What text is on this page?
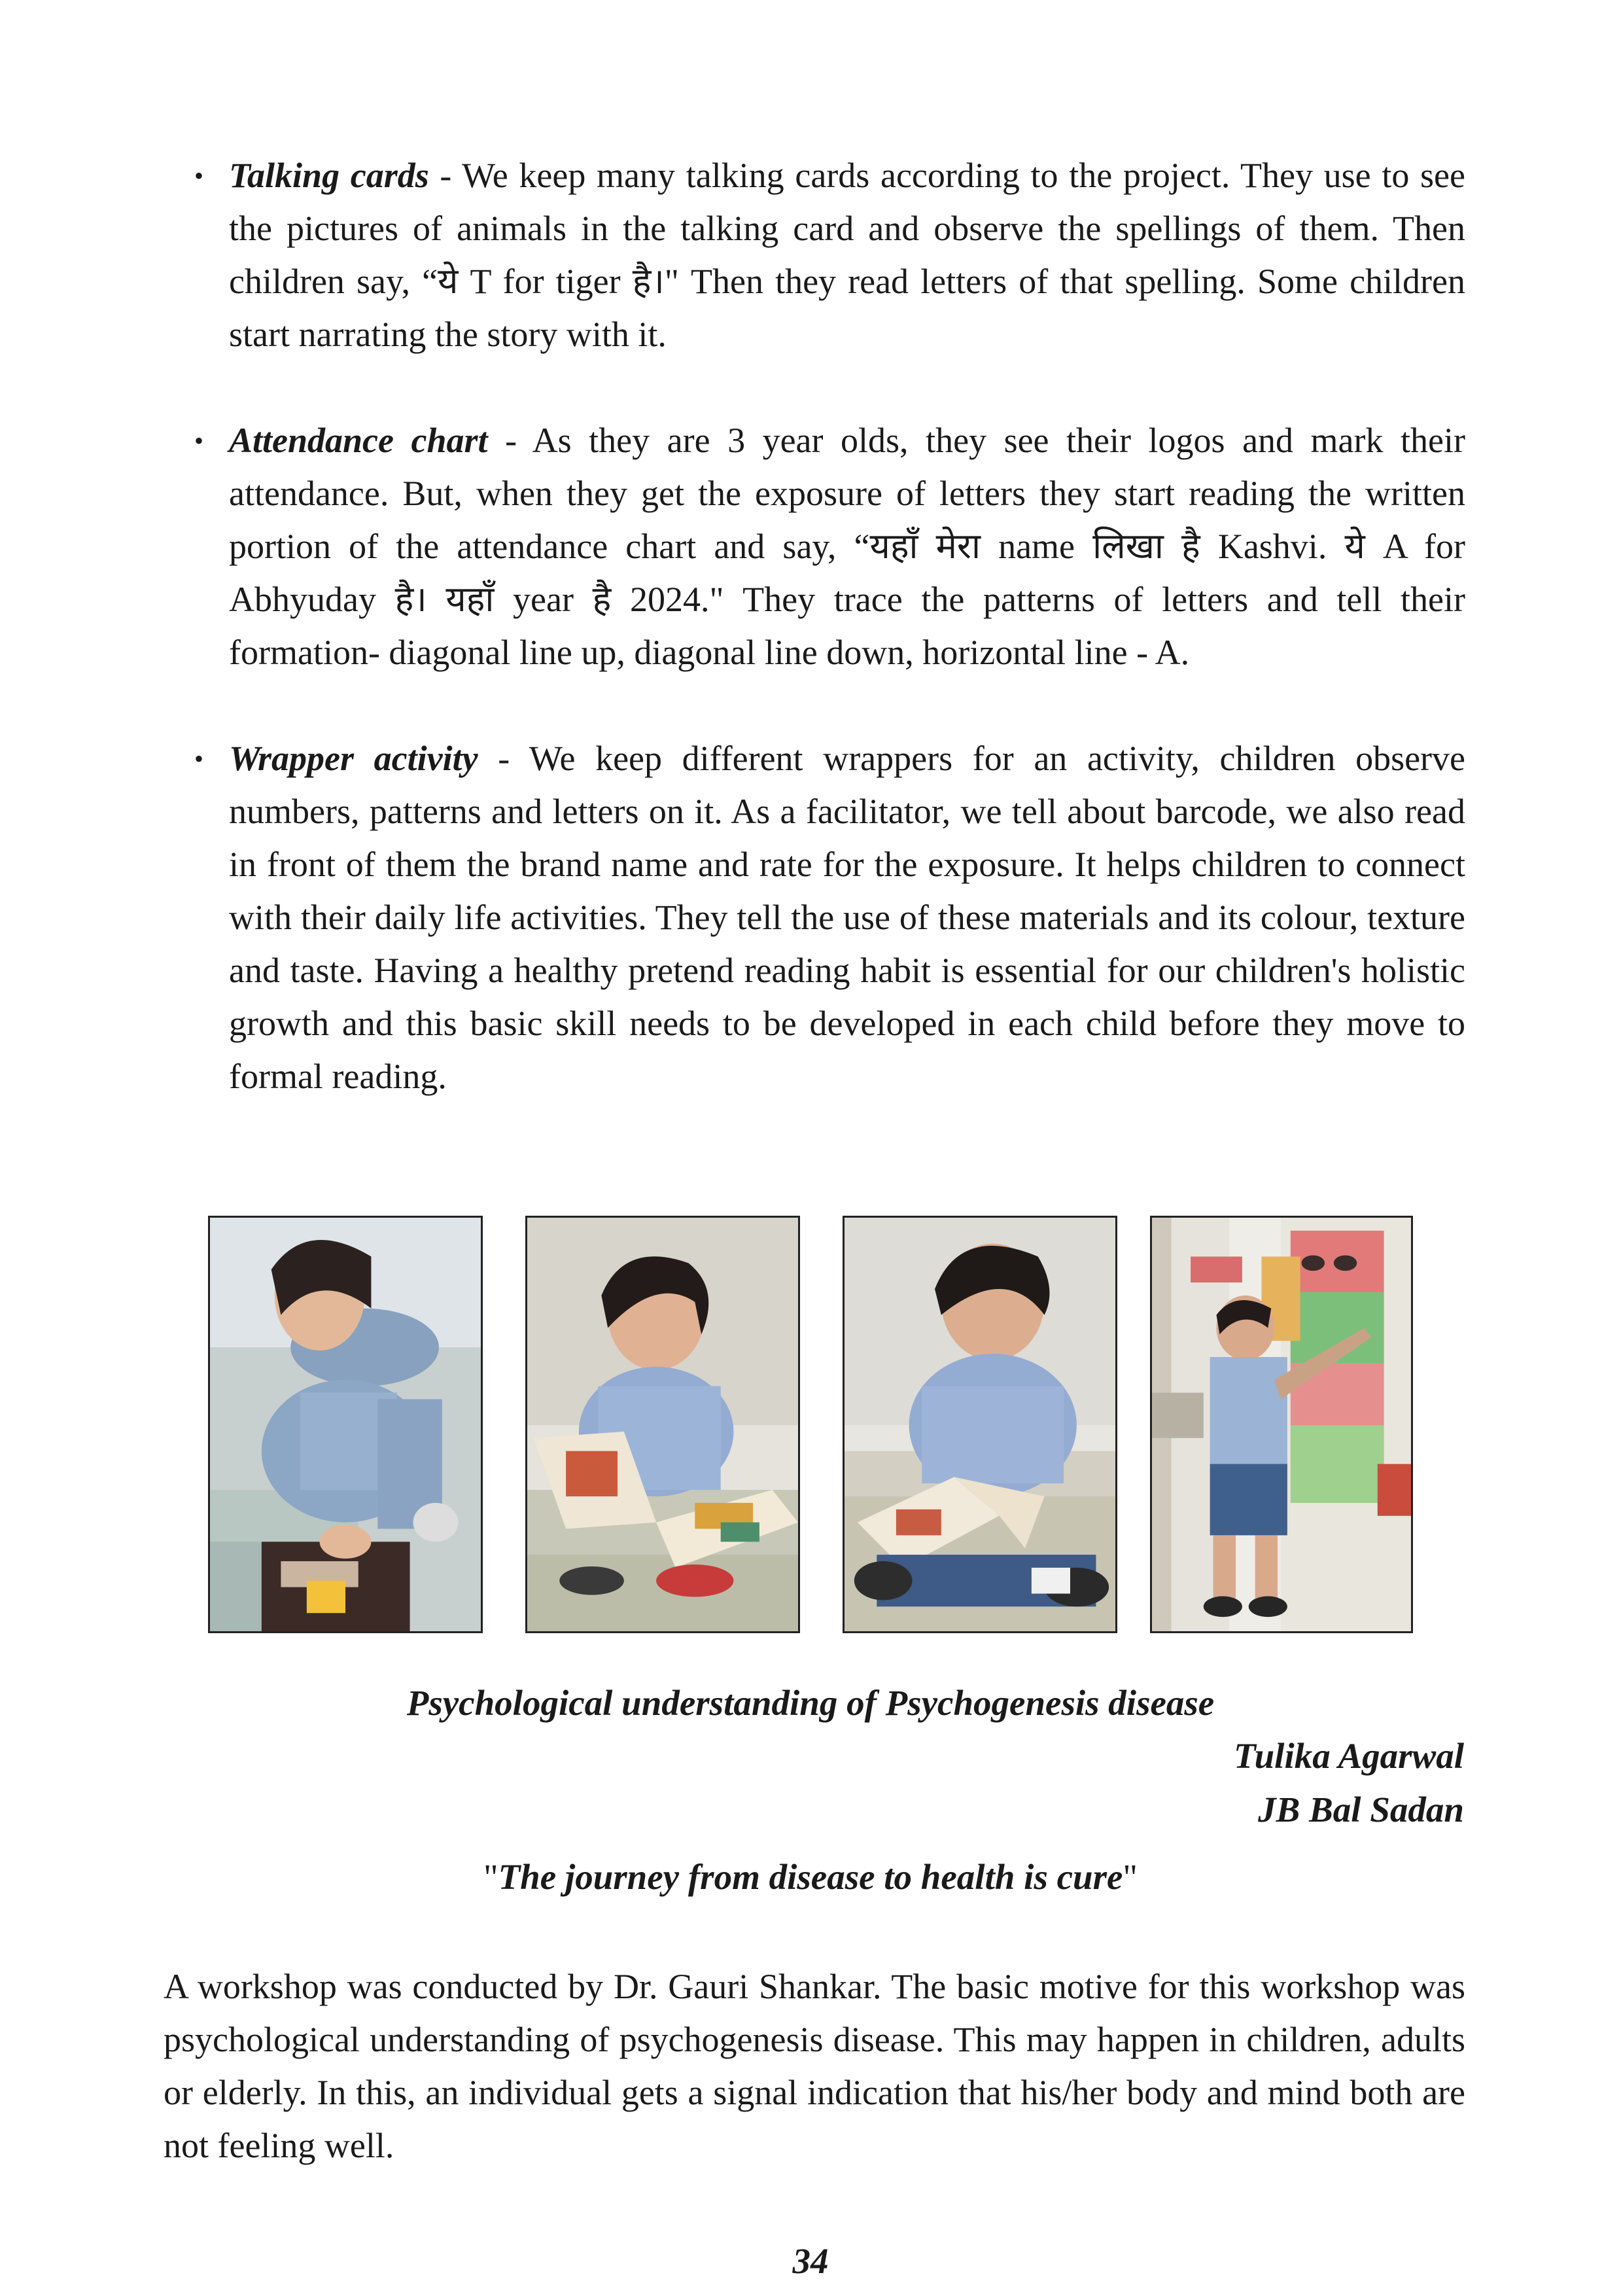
• Talking cards - We keep many talking cards according to the project. They use to see the pictures of animals in the talking card and observe the spellings of them. Then children say, “ये T for tiger है।" Then they read letters of that spelling. Some children start narrating the story with it.
• Attendance chart - As they are 3 year olds, they see their logos and mark their attendance. But, when they get the exposure of letters they start reading the written portion of the attendance chart and say, “यहाँ मेरा name लिखा है Kashvi. ये A for Abhyuday है। यहाँ year है 2024." They trace the patterns of letters and tell their formation- diagonal line up, diagonal line down, horizontal line - A.
• Wrapper activity - We keep different wrappers for an activity, children observe numbers, patterns and letters on it. As a facilitator, we tell about barcode, we also read in front of them the brand name and rate for the exposure. It helps children to connect with their daily life activities. They tell the use of these materials and its colour, texture and taste. Having a healthy pretend reading habit is essential for our children's holistic growth and this basic skill needs to be developed in each child before they move to formal reading.
Psychological understanding of Psychogenesis disease
Tulika Agarwal
JB Bal Sadan
"The journey from disease to health is cure"

A workshop was conducted by Dr. Gauri Shankar. The basic motive for this workshop was psychological understanding of psychogenesis disease. This may happen in children, adults or elderly. In this, an individual gets a signal indication that his/her body and mind both are not feeling well.

34
